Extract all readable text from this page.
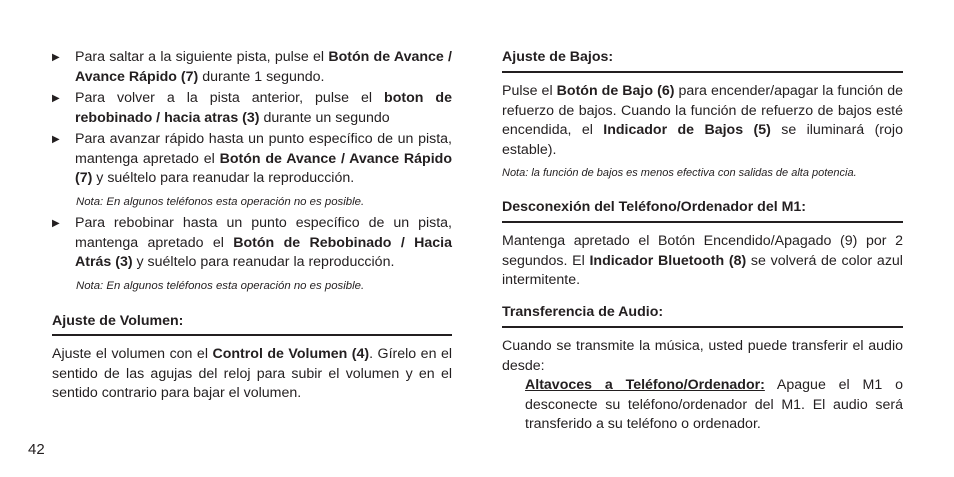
▶	Para saltar a la siguiente pista, pulse el Botón de Avance / Avance Rápido (7) durante 1 segundo.
▶	Para volver a la pista anterior, pulse el boton de rebobinado / hacia atras (3) durante un segundo
▶	Para avanzar rápido hasta un punto específico de un pista, mantenga apretado el Botón de Avance / Avance Rápido (7) y suéltelo para reanudar la reproducción.
Nota: En algunos teléfonos esta operación no es posible.
▶	Para rebobinar hasta un punto específico de un pista, mantenga apretado el Botón de Rebobinado / Hacia Atrás (3) y suéltelo para reanudar la reproducción.
Nota: En algunos teléfonos esta operación no es posible.
Ajuste de Volumen:

Ajuste el volumen con el Control de Volumen (4). Gírelo en el sentido de las agujas del reloj para subir el volumen y en el sentido contrario para bajar el volumen.

42
Ajuste de Bajos:

Pulse el Botón de Bajo (6) para encender/apagar la función de refuerzo de bajos. Cuando la función de refuerzo de bajos esté encendida, el Indicador de Bajos (5) se iluminará (rojo estable).

Nota: la función de bajos es menos efectiva con salidas de alta potencia.
Desconexión del Teléfono/Ordenador del M1:

Mantenga apretado el Botón Encendido/Apagado (9) por 2 segundos. El Indicador Bluetooth (8) se volverá de color azul intermitente.

Transferencia de Audio:

Cuando se transmite la música, usted puede transferir el audio desde:

Altavoces a Teléfono/Ordenador: Apague el M1 o desconecte su teléfono/ordenador del M1. El audio será transferido a su teléfono o ordenador.
